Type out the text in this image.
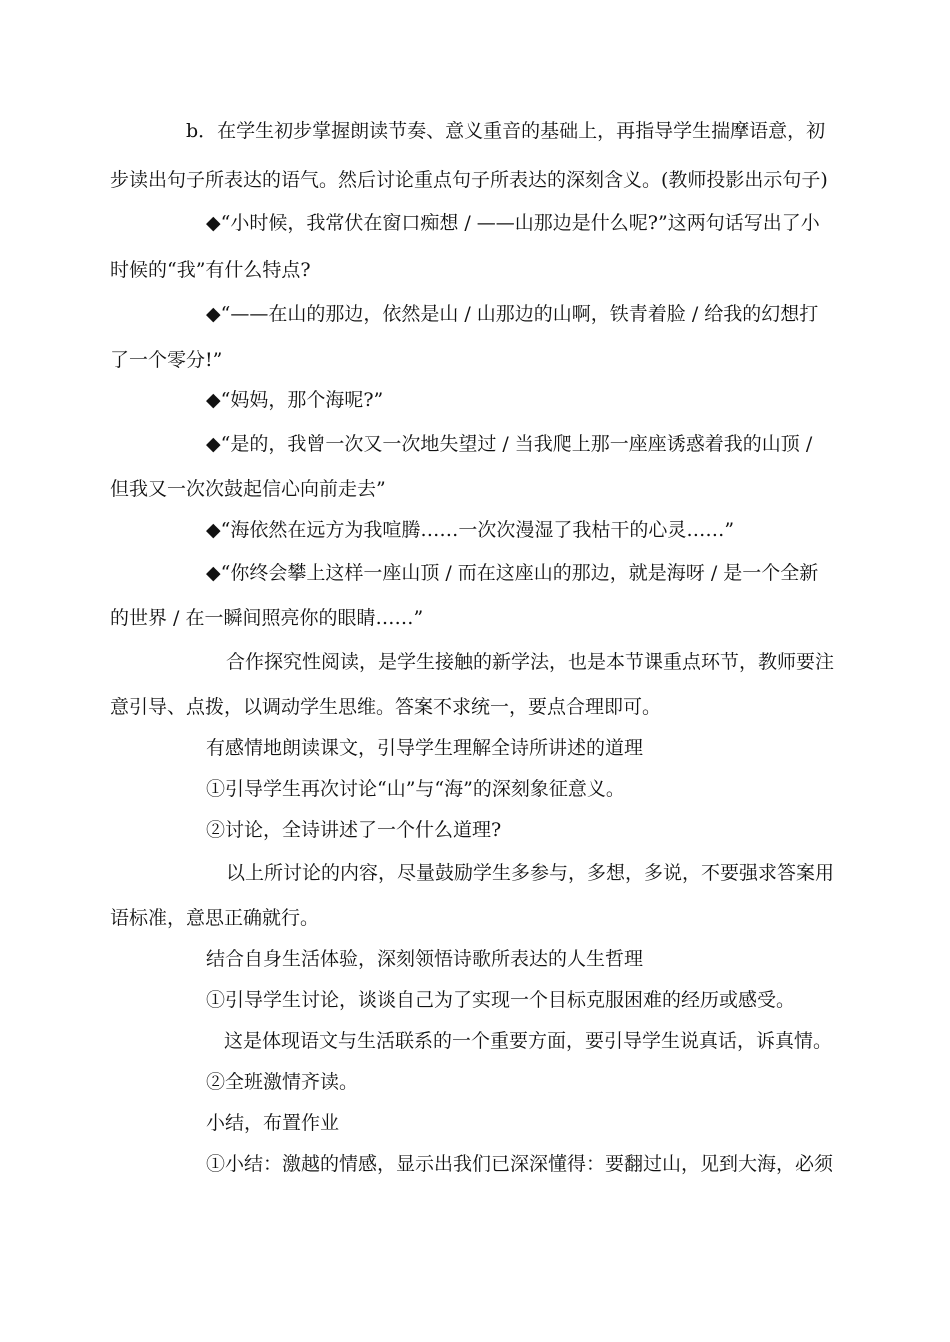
b．在学生初步掌握朗读节奏、意义重音的基础上，再指导学生揣摩语意，初
步读出句子所表达的语气。然后讨论重点句子所表达的深刻含义。(教师投影出示句子)
◆“小时候，我常伏在窗口痴想 / ——山那边是什么呢?”这两句话写出了小
时候的“我”有什么特点?
◆“——在山的那边，依然是山 / 山那边的山啊，铁青着脸 / 给我的幻想打
了一个零分!”
◆“妈妈，那个海呢?”
◆“是的，我曾一次又一次地失望过 / 当我爬上那一座座诱惑着我的山顶 /
但我又一次次鼓起信心向前走去”
◆“海依然在远方为我喧腾……一次次漫湿了我枯干的心灵……”
◆“你终会攀上这样一座山顶 / 而在这座山的那边，就是海呀 / 是一个全新
的世界 / 在一瞬间照亮你的眼睛……”
合作探究性阅读，是学生接触的新学法，也是本节课重点环节，教师要注
意引导、点拨，以调动学生思维。答案不求统一，要点合理即可。
有感情地朗读课文，引导学生理解全诗所讲述的道理
①引导学生再次讨论“山”与“海”的深刻象征意义。
②讨论，全诗讲述了一个什么道理?
以上所讨论的内容，尽量鼓励学生多参与，多想，多说，不要强求答案用
语标准，意思正确就行。
结合自身生活体验，深刻领悟诗歌所表达的人生哲理
①引导学生讨论，谈谈自己为了实现一个目标克服困难的经历或感受。
这是体现语文与生活联系的一个重要方面，要引导学生说真话，诉真情。
②全班激情齐读。
小结，布置作业
①小结：激越的情感，显示出我们已深深懂得：要翻过山，见到大海，必须
